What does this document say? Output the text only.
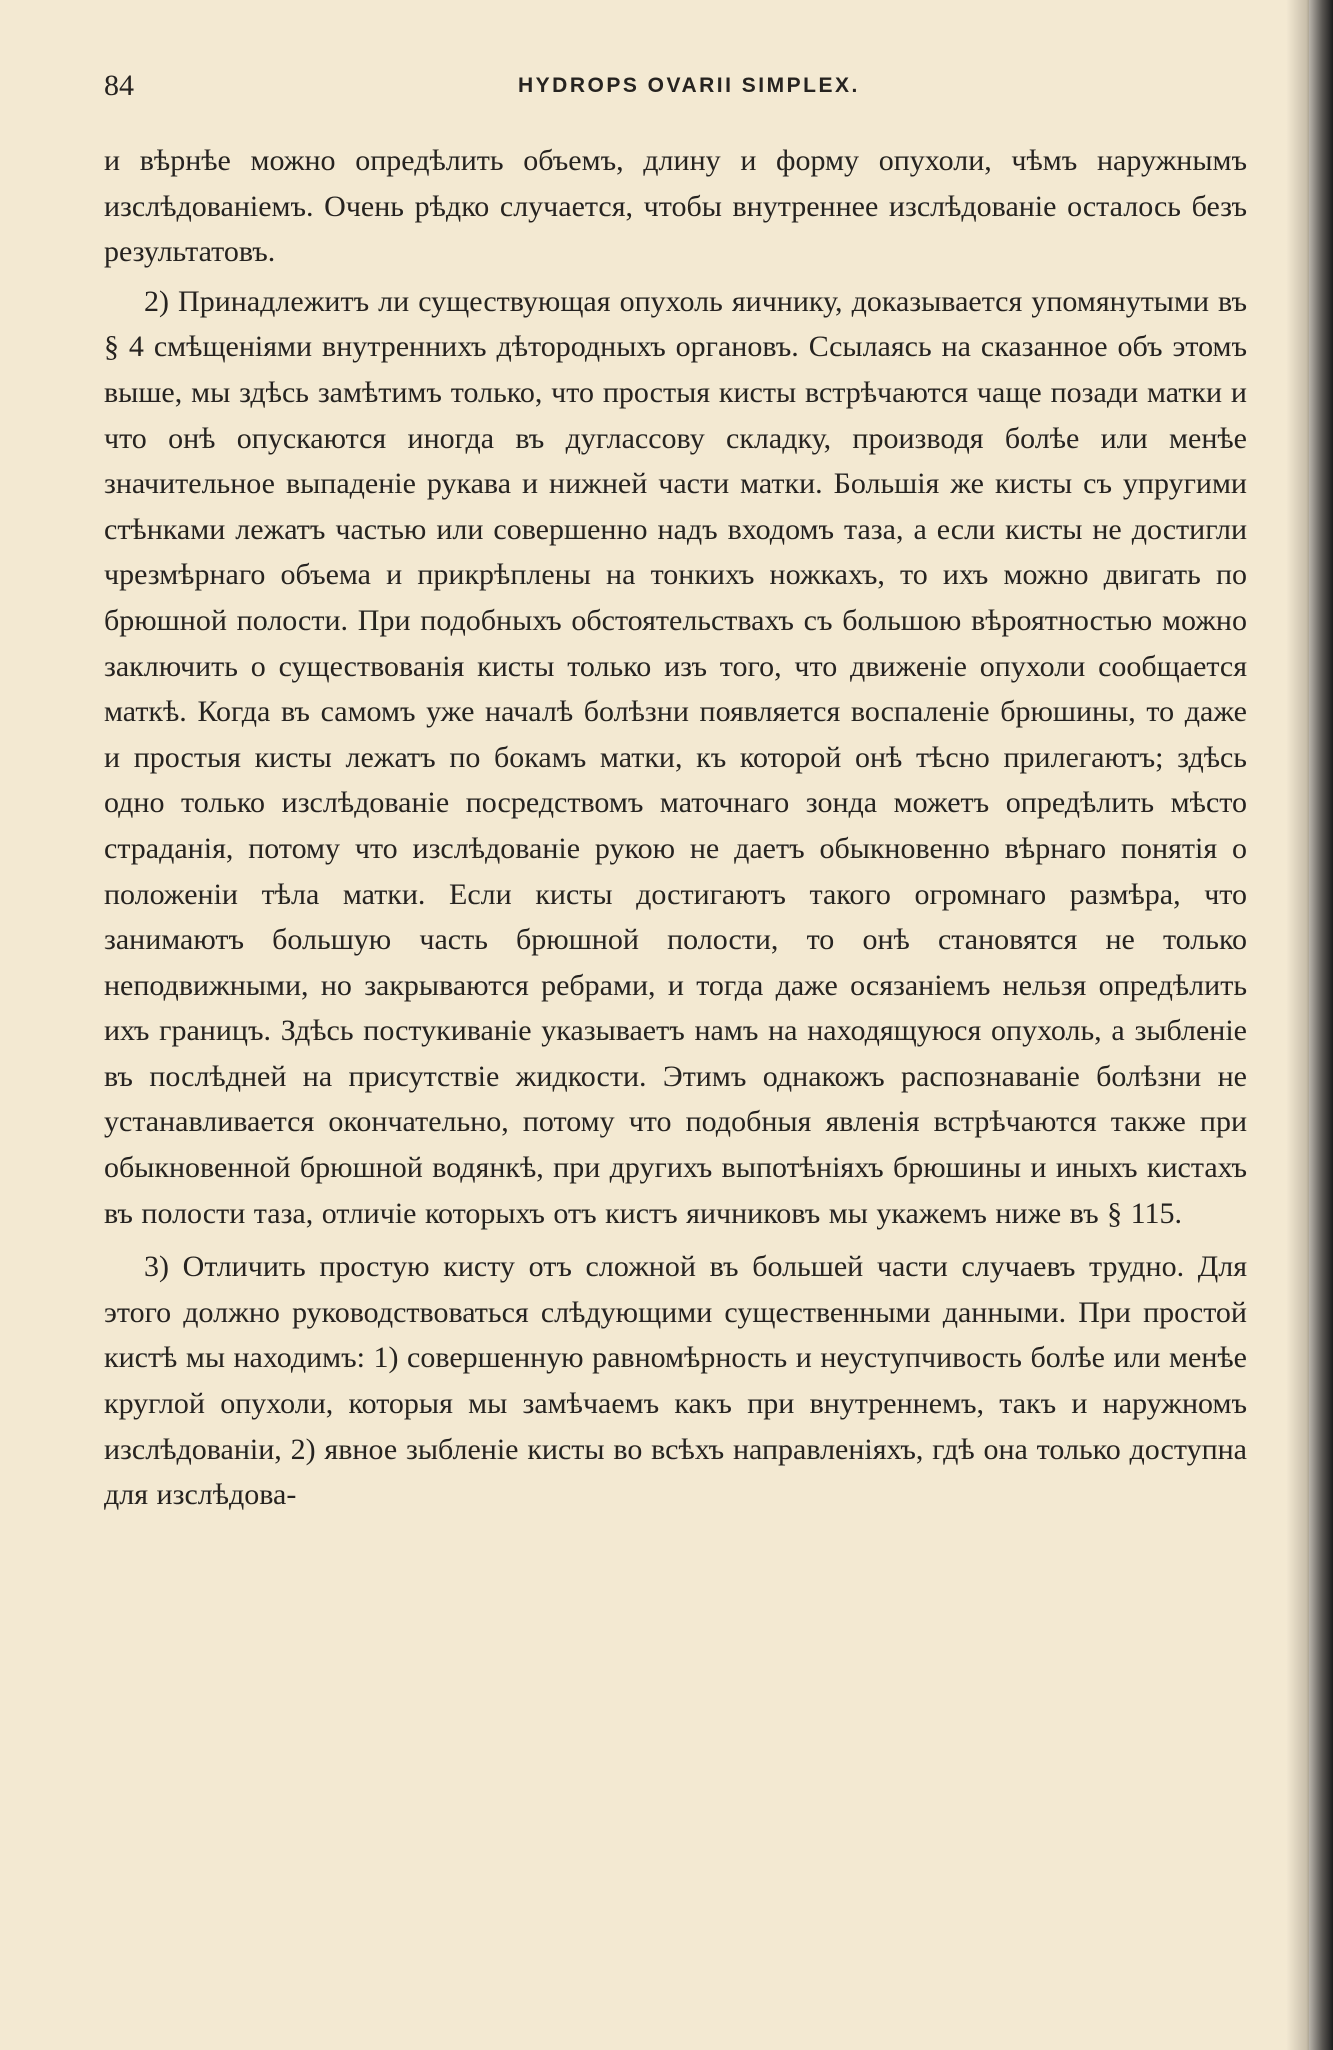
84	HYDROPS OVARII SIMPLEX.

и вѣрнѣе можно опредѣлить объемъ, длину и форму опухоли, чѣмъ наружнымъ изслѣдованіемъ. Очень рѣдко случается, чтобы внутреннее изслѣдованіе осталось безъ результатовъ.

2) Принадлежитъ ли существующая опухоль яичнику, доказывается упомянутыми въ § 4 смѣщеніями внутреннихъ дѣтородныхъ органовъ. Ссылаясь на сказанное объ этомъ выше, мы здѣсь замѣтимъ только, что простыя кисты встрѣчаются чаще позади матки и что онѣ опускаются иногда въ дугласcову складку, производя болѣе или менѣе значительное выпаденіе рукава и нижней части матки. Большія же кисты съ упругими стѣнками лежатъ частью или совершенно надъ входомъ таза, а если кисты не достигли чрезмѣрнаго объема и прикрѣплены на тонкихъ ножкахъ, то ихъ можно двигать по брюшной полости. При подобныхъ обстоятельствахъ съ большою вѣроятностью можно заключить о существованія кисты только изъ того, что движеніе опухоли сообщается маткѣ. Когда въ самомъ уже началѣ болѣзни появляется воспаленіе брюшины, то даже и простыя кисты лежатъ по бокамъ матки, къ которой онѣ тѣсно прилегаютъ; здѣсь одно только изслѣдованіе посредствомъ маточнаго зонда можетъ опредѣлить мѣсто страданія, потому что изслѣдованіе рукою не даетъ обыкновенно вѣрнаго понятія о положеніи тѣла матки. Если кисты достигаютъ такого огромнаго размѣра, что занимаютъ большую часть брюшной полости, то онѣ становятся не только неподвижными, но закрываются ребрами, и тогда даже осязаніемъ нельзя опредѣлить ихъ границъ. Здѣсь постукиваніе указываетъ намъ на находящуюся опухоль, а зыбленіе въ послѣдней на присутствіе жидкости. Этимъ однакожъ распознаваніе болѣзни не устанавливается окончательно, потому что подобныя явленія встрѣчаются также при обыкновенной брюшной водянкѣ, при другихъ выпотѣніяхъ брюшины и иныхъ кистахъ въ полости таза, отличіе которыхъ отъ кистъ яичниковъ мы укажемъ ниже въ § 115.

3) Отличить простую кисту отъ сложной въ большей части случаевъ трудно. Для этого должно руководствоваться слѣдующими существенными данными. При простой кистѣ мы находимъ: 1) совершенную равномѣрность и неуступчивость болѣе или менѣе круглой опухоли, которыя мы замѣчаемъ какъ при внутреннемъ, такъ и наружномъ изслѣдованіи, 2) явное зыбленіе кисты во всѣхъ направленіяхъ, гдѣ она только доступна для изслѣдова-
